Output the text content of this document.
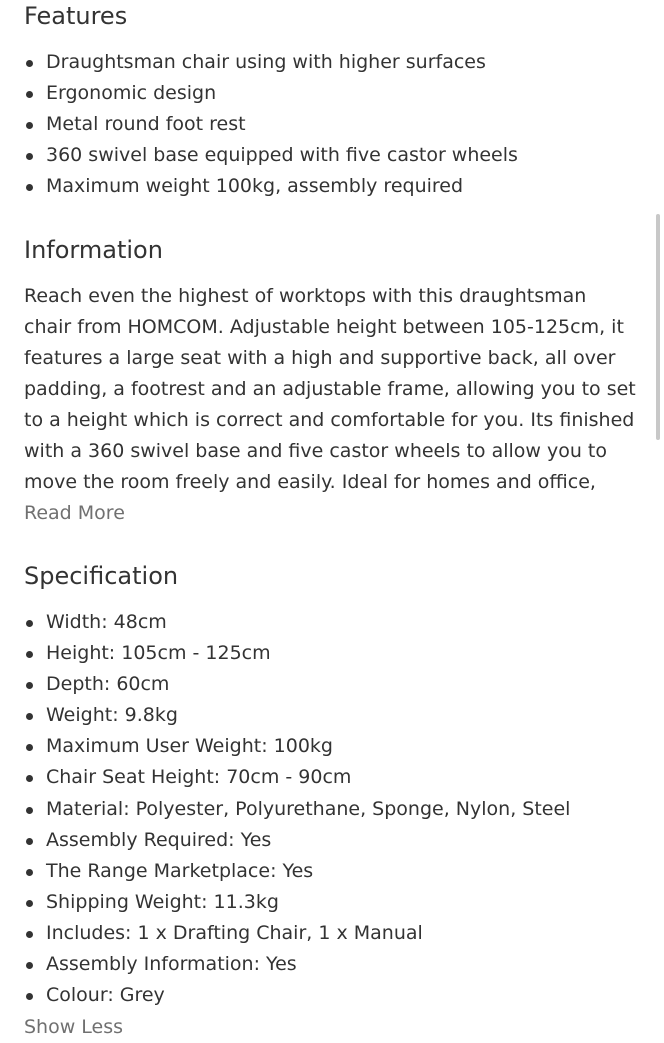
Features
Draughtsman chair using with higher surfaces
Ergonomic design
Metal round foot rest
360 swivel base equipped with five castor wheels
Maximum weight 100kg, assembly required
Information

Reach even the highest of worktops with this draughtsman chair from HOMCOM. Adjustable height between 105-125cm, it features a large seat with a high and supportive back, all over padding, a footrest and an adjustable frame, allowing you to set to a height which is correct and comfortable for you. Its finished with a 360 swivel base and five castor wheels to allow you to move the room freely and easily. Ideal for homes and office,

Read More
Specification
Width: 48cm
Height: 105cm - 125cm
Depth: 60cm
Weight: 9.8kg
Maximum User Weight: 100kg
Chair Seat Height: 70cm - 90cm
Material: Polyester, Polyurethane, Sponge, Nylon, Steel
Assembly Required: Yes
The Range Marketplace: Yes
Shipping Weight: 11.3kg
Includes: 1 x Drafting Chair, 1 x Manual
Assembly Information: Yes
Colour: Grey
Show Less
